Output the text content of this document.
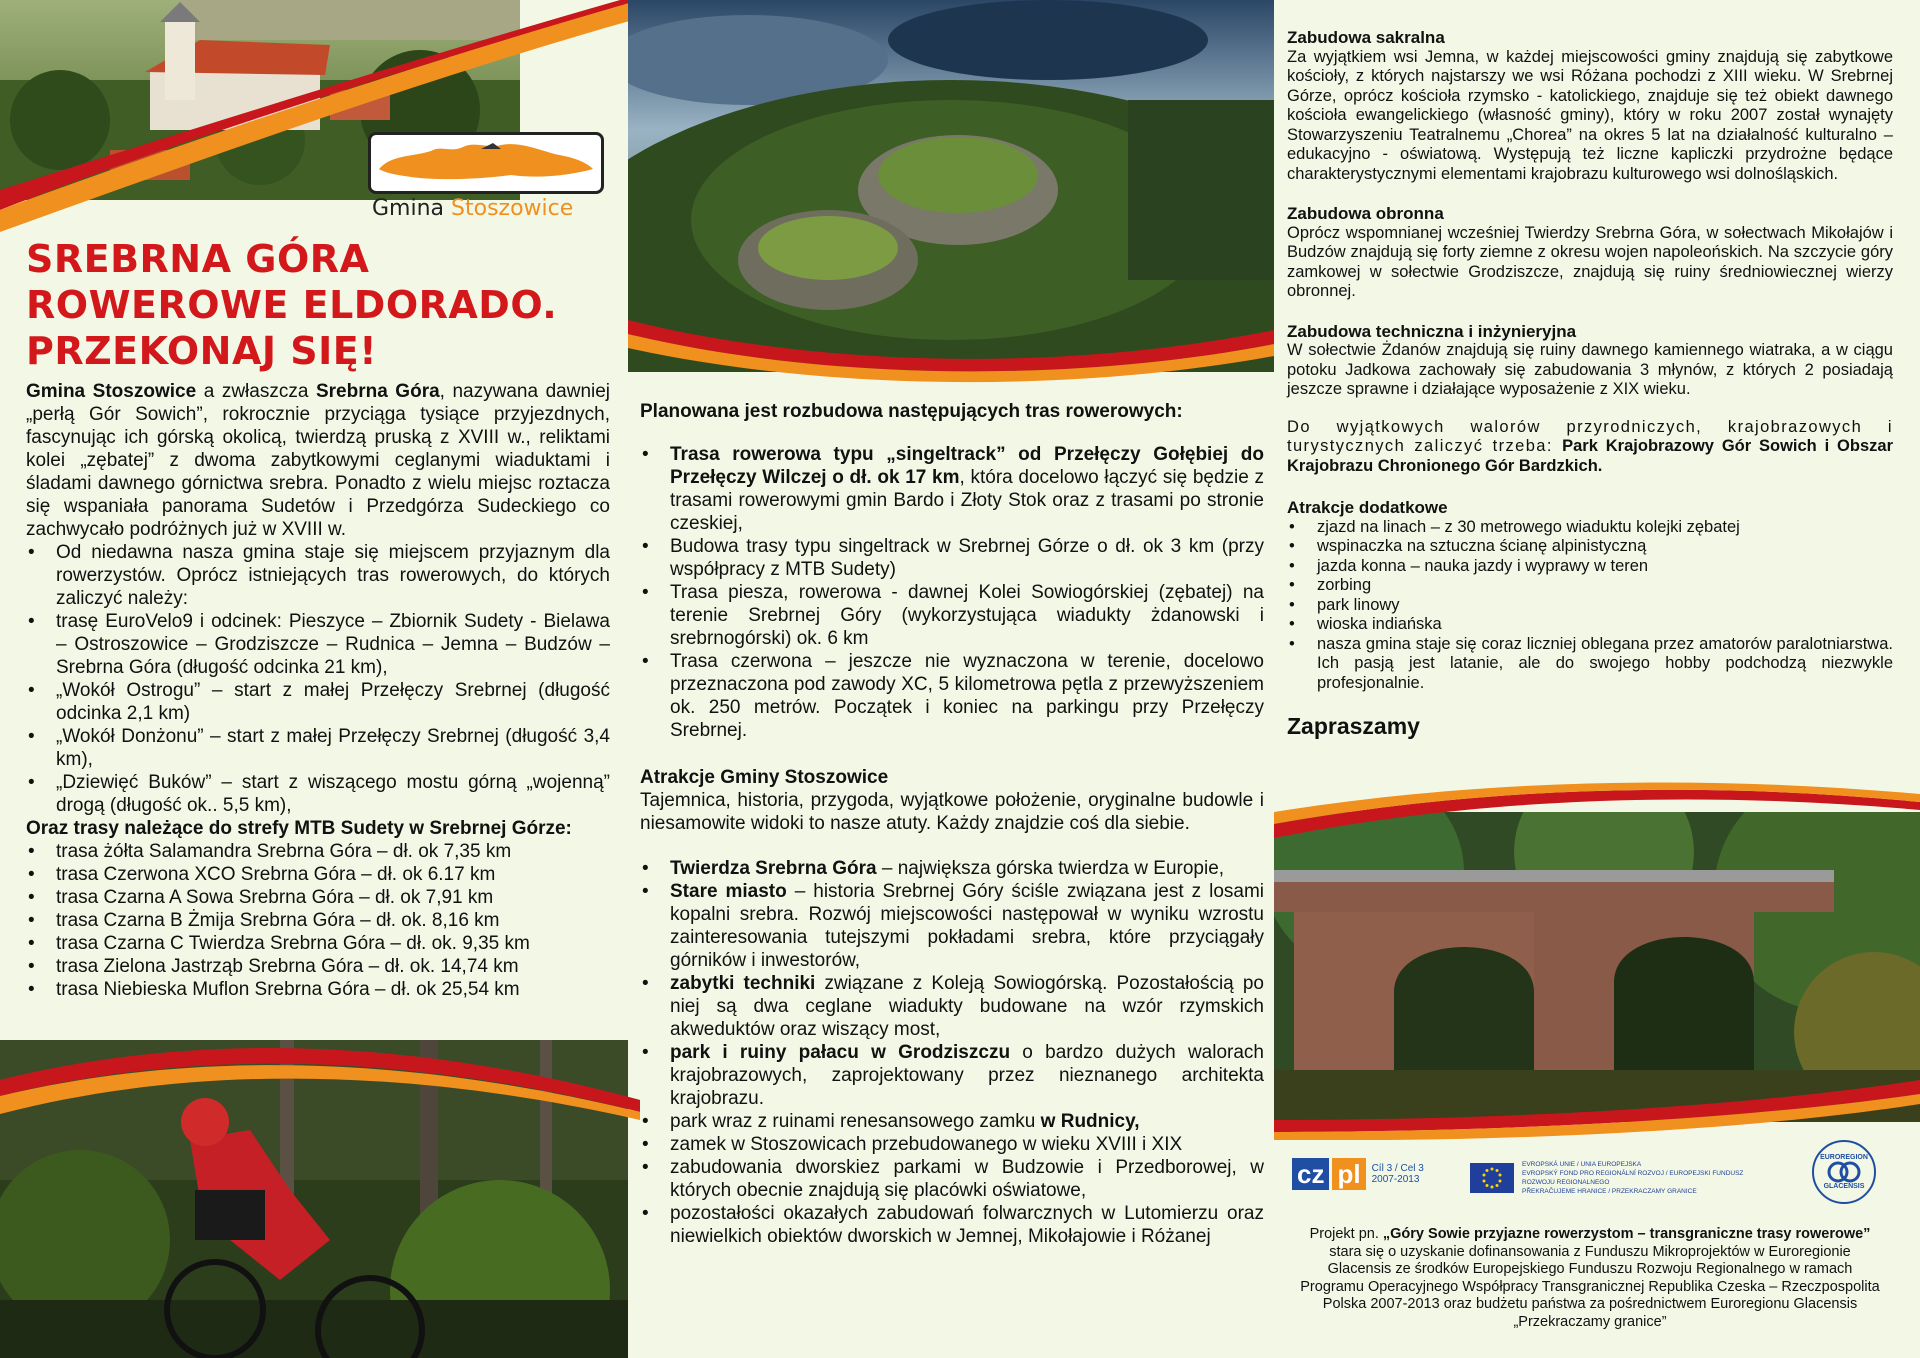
Gmina Stoszowice
SREBRNA GÓRA
ROWEROWE ELDORADO.
PRZEKONAJ SIĘ!

Gmina Stoszowice a zwłaszcza Srebrna Góra, nazywana dawniej „perłą Gór Sowich”, rokrocznie przyciąga tysiące przyjezdnych, fascynując ich górską okolicą, twierdzą pruską z XVIII w., reliktami kolei „zębatej” z dwoma zabytkowymi ceglanymi wiaduktami i śladami dawnego górnictwa srebra. Ponadto z wielu miejsc roztacza się wspaniała panorama Sudetów i Przedgórza Sudeckiego co zachwycało podróżnych już w XVIII w.

• Od niedawna nasza gmina staje się miejscem przyjaznym dla rowerzystów. Oprócz istniejących tras rowerowych, do których zaliczyć należy:
• trasę EuroVelo9 i odcinek: Pieszyce – Zbiornik Sudety - Bielawa – Ostroszowice – Grodziszcze – Rudnica – Jemna – Budzów – Srebrna Góra (długość odcinka 21 km),
• „Wokół Ostrogu” – start z małej Przełęczy Srebrnej (długość odcinka 2,1 km)
• „Wokół Donżonu” – start z małej Przełęczy Srebrnej (długość 3,4 km),
• „Dziewięć Buków” – start z wiszącego mostu górną „wojenną” drogą (długość ok.. 5,5 km),

Oraz trasy należące do strefy MTB Sudety w Srebrnej Górze:

• trasa żółta Salamandra Srebrna Góra – dł. ok 7,35 km
• trasa Czerwona XCO Srebrna Góra – dł. ok 6.17 km
• trasa Czarna A Sowa Srebrna Góra – dł. ok 7,91 km
• trasa Czarna B Żmija Srebrna Góra – dł. ok. 8,16 km
• trasa Czarna C Twierdza Srebrna Góra – dł. ok. 9,35 km
• trasa Zielona Jastrząb Srebrna Góra – dł. ok. 14,74 km
• trasa Niebieska Muflon Srebrna Góra – dł. ok 25,54 km

Planowana jest rozbudowa następujących tras rowerowych:

• Trasa rowerowa typu „singeltrack” od Przełęczy Gołębiej do Przełęczy Wilczej o dł. ok 17 km, która docelowo łączyć się będzie z trasami rowerowymi gmin Bardo i Złoty Stok oraz z trasami po stronie czeskiej,
• Budowa trasy typu singeltrack w Srebrnej Górze o dł. ok 3 km (przy współpracy z MTB Sudety)
• Trasa piesza, rowerowa - dawnej Kolei Sowiogórskiej (zębatej) na terenie Srebrnej Góry (wykorzystująca wiadukty żdanowski i srebrnogórski) ok. 6 km
• Trasa czerwona – jeszcze nie wyznaczona w terenie, docelowo przeznaczona pod zawody XC, 5 kilometrowa pętla z przewyższeniem ok. 250 metrów. Początek i koniec na parkingu przy Przełęczy Srebrnej.

Atrakcje Gminy Stoszowice

Tajemnica, historia, przygoda, wyjątkowe położenie, oryginalne budowle i niesamowite widoki to nasze atuty. Każdy znajdzie coś dla siebie.

• Twierdza Srebrna Góra – największa górska twierdza w Europie,
• Stare miasto – historia Srebrnej Góry ściśle związana jest z losami kopalni srebra. Rozwój miejscowości następował w wyniku wzrostu zainteresowania tutejszymi pokładami srebra, które przyciągały górników i inwestorów,
• zabytki techniki związane z Koleją Sowiogórską. Pozostałością po niej są dwa ceglane wiadukty budowane na wzór rzymskich akweduktów oraz wiszący most,
• park i ruiny pałacu w Grodziszczu o bardzo dużych walorach krajobrazowych, zaprojektowany przez nieznanego architekta krajobrazu.
• park wraz z ruinami renesansowego zamku w Rudnicy,
• zamek w Stoszowicach przebudowanego w wieku XVIII i XIX
• zabudowania dworskiez parkami w Budzowie i Przedborowej, w których obecnie znajdują się placówki oświatowe,
• pozostałości okazałych zabudowań folwarcznych w Lutomierzu oraz niewielkich obiektów dworskich w Jemnej, Mikołajowie i Różanej
Zabudowa sakralna

Za wyjątkiem wsi Jemna, w każdej miejscowości gminy znajdują się zabytkowe kościoły, z których najstarszy we wsi Różana pochodzi z XIII wieku. W Srebrnej Górze, oprócz kościoła rzymsko - katolickiego, znajduje się też obiekt dawnego kościoła ewangelickiego (własność gminy), który w roku 2007 został wynajęty Stowarzyszeniu Teatralnemu „Chorea” na okres 5 lat na działalność kulturalno – edukacyjno - oświatową. Występują też liczne kapliczki przydrożne będące charakterystycznymi elementami krajobrazu kulturowego wsi dolnośląskich.

Zabudowa obronna

Oprócz wspomnianej wcześniej Twierdzy Srebrna Góra, w sołectwach Mikołajów i Budzów znajdują się forty ziemne z okresu wojen napoleońskich. Na szczycie góry zamkowej w sołectwie Grodziszcze, znajdują się ruiny średniowiecznej wierzy obronnej.

Zabudowa techniczna i inżynieryjna

W sołectwie Żdanów znajdują się ruiny dawnego kamiennego wiatraka, a w ciągu potoku Jadkowa zachowały się zabudowania 3 młynów, z których 2 posiadają jeszcze sprawne i działające wyposażenie z XIX wieku.

Do wyjątkowych walorów przyrodniczych, krajobrazowych i turystycznych zaliczyć trzeba: Park Krajobrazowy Gór Sowich i Obszar Krajobrazu Chronionego Gór Bardzkich.

Atrakcje dodatkowe
• zjazd na linach – z 30 metrowego wiaduktu kolejki zębatej
• wspinaczka na sztuczna ścianę alpinistyczną
• jazda konna – nauka jazdy i wyprawy w teren
• zorbing
• park linowy
• wioska indiańska
• nasza gmina staje się coraz liczniej oblegana przez amatorów paralotniarstwa. Ich pasją jest latanie, ale do swojego hobby podchodzą niezwykle profesjonalnie.
Zapraszamy
cz pl	Cíl 3 / Cel 3
2007-2013
EVROPSKÁ UNIE / UNIA EUROPEJSKA
EVROPSKÝ FOND PRO REGIONÁLNÍ ROZVOJ / EUROPEJSKI FUNDUSZ ROZWOJU REGIONALNEGO
PŘEKRAČUJEME HRANICE / PRZEKRACZAMY GRANICE
EUROREGION
GLACENSIS
Projekt pn. „Góry Sowie przyjazne rowerzystom – transgraniczne trasy rowerowe” stara się o uzyskanie dofinansowania z Funduszu Mikroprojektów w Euroregionie Glacensis ze środków Europejskiego Funduszu Rozwoju Regionalnego w ramach Programu Operacyjnego Współpracy Transgranicznej Republika Czeska – Rzeczpospolita Polska 2007-2013 oraz budżetu państwa za pośrednictwem Euroregionu Glacensis „Przekraczamy granice”
